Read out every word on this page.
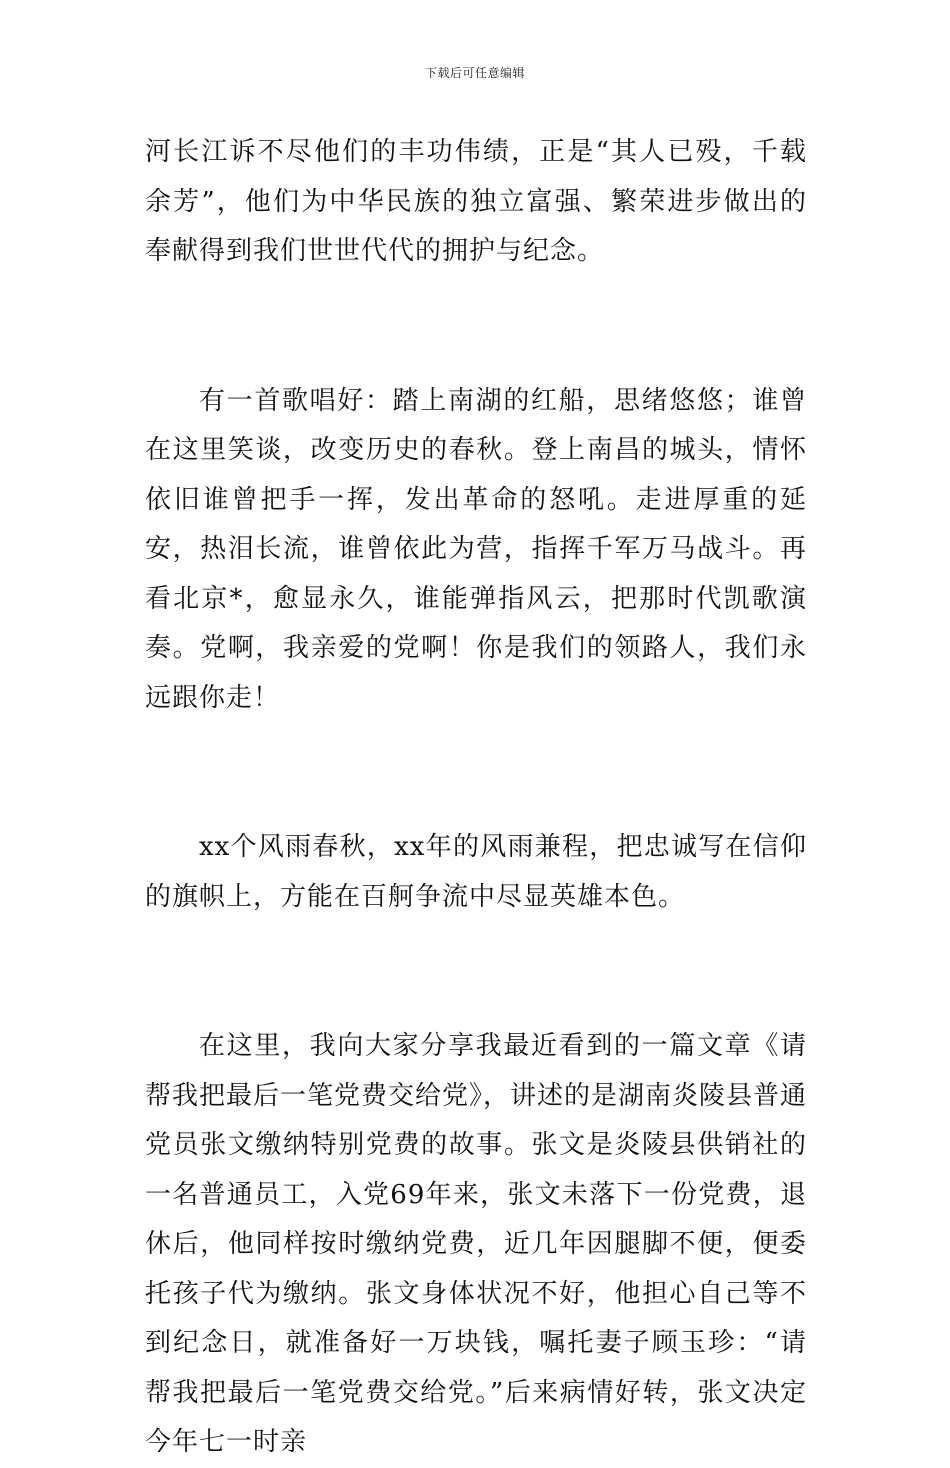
下载后可任意编辑

河长江诉不尽他们的丰功伟绩，正是“其人已殁，千载余芳”，他们为中华民族的独立富强、繁荣进步做出的奉献得到我们世世代代的拥护与纪念。

有一首歌唱好：踏上南湖的红船，思绪悠悠；谁曾在这里笑谈，改变历史的春秋。登上南昌的城头，情怀依旧谁曾把手一挥，发出革命的怒吼。走进厚重的延安，热泪长流，谁曾依此为营，指挥千军万马战斗。再看北京*，愈显永久，谁能弹指风云，把那时代凯歌演奏。党啊，我亲爱的党啊！你是我们的领路人，我们永远跟你走！

xx个风雨春秋，xx年的风雨兼程，把忠诚写在信仰的旗帜上，方能在百舸争流中尽显英雄本色。

在这里，我向大家分享我最近看到的一篇文章《请帮我把最后一笔党费交给党》，讲述的是湖南炎陵县普通党员张文缴纳特别党费的故事。张文是炎陵县供销社的一名普通员工，入党69年来，张文未落下一份党费，退休后，他同样按时缴纳党费，近几年因腿脚不便，便委托孩子代为缴纳。张文身体状况不好，他担心自己等不到纪念日，就准备好一万块钱，嘱托妻子顾玉珍：“请帮我把最后一笔党费交给党。”后来病情好转，张文决定今年七一时亲
